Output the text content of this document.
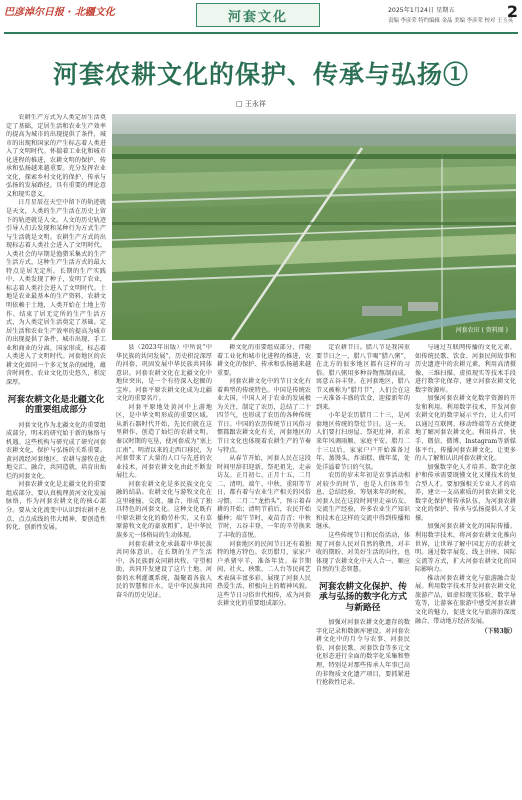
巴彦淖尔日报 · 北疆文化	河套文化	2025年1月24日 星期五	2
责编 李彦荣 特约编辑 金晶 美编 李彦荣 校对 王玉英
河套农耕文化的保护、传承与弘扬①
□ 王永祥
河套农田 ( 资料图 )

农耕生产方式为人类定居生活奠定了基础，定居生活和农业生产效率的提高为城市的出现提供了条件，城市的出现和国家的产生标志着人类进入了文明时代。怀揣着工业化和城市化进程的推进，农耕文明的保护、传承和弘扬越来越重要。充分发挥农业文化，探索乡村文化的保护、传承与弘扬的发展路径，具有重要的理论意义和现实意义。

日月星辰在天空中留下的轨迹就是天文，人类的生产生活在历史上留下的轨迹就是人文。人文的历史轨迹引导人们去发现和某种行为方式生产与生活就是文明。农耕生产方式的出现标志着人类社会进入了文明时代。人类社会的早期是渔猎采集式的生产生活方式，这种生产生活方式的最大特点是居无定所。长期的生产实践中，人类发现了种子，发明了农业，标志着人类社会进入了文明时代。土地是农业最基本的生产资料，农耕文明依赖于土地，人类开始在土地上劳作、结束了居无定所的生产生活方式，为人类定居生活奠定了基础。定居生活和农业生产效率的提高为城市的出现提供了条件，城市出现、手工业和商业的分离，国家形成，标志着人类进入了文明时代。河套地区的农耕文化如同一个多元复杂的园地，蕴含时间性、农业文化历史悠久，积淀深厚。

河套农耕文化是北疆文化的重要组成部分

河套文化作为北疆文化的重要组成部分，明末的研究始于新的脉络与机遇。这些机构与研究成了研究河套农耕文化、保护与弘扬的关系重要。黄河流经河套地区，农耕与游牧在此地交汇、融合，共同造就、培育出灿烂的河套文化。

河套农耕文化是北疆文化的重要组成部分，要认真梳理黄河文化发展脉络，作为河套农耕文化的核心部分。要从文化流变中认识到农耕不息点、点点成线的伟大精神，要创造性转化、创新性发展。

县（2023年出版）中所说“中华民族的共同发展”，历史积淀深厚的河套，巩固发展中华民族共同体意识。河套农耕文化在北疆文化中地位突出，是一个有待深入挖掘的宝库。河套平原农耕文化成为北疆文化的重要名片。

河套平原地处黄河中上游地区，是中华文明形成的重要区域。从新石器时代开始，先民们就在这里耕作，创造了灿烂的农耕文明。秦汉时期的屯垦，使河套成为“塞上江南”。明清以来的走西口移民，为河套带来了大量的人口与先进的农业技术，河套农耕文化由此不断发展壮大。

河套农耕文化是多民族文化交融的结晶。农耕文化与游牧文化在这里碰撞、交流、融合，形成了独具特色的河套文化。这种文化既有中原农耕文化的勤劳朴实，又有草原游牧文化的豪放粗犷，是中华民族多元一体格局的生动体现。

河套农耕文化承载着中华民族共同体意识。在长期的生产生活中，各民族群众同耕共牧、守望相助，共同开发建设了这片土地。河套的水利灌溉系统，凝聚着各族人民的智慧和汗水，是中华民族共同奋斗的历史见证。

耕文化的重要组成部分，伴随着工业化和城市化进程的推进，农耕文化的保护、传承和弘扬越来越重要。

河套农耕文化中的节日文化有着典型的传统特色。中国是传统农业大国，中国人对于农业的发展极为关注，制定了农历，总结了二十四节气，也形成了农历的各种传统节日。中国的农历传统节日风俗习惯都跟农耕文化有关，河套地区的节日文化也体现着农耕生产的节奏与特点。

从春节开始，河套人民在这段时间里辞旧迎新、祭祀祖先、走亲访友。正月初七、正月十五、二月二、清明、端午、中秋、重阳等节日，都有着与农业生产相关的风俗习惯。二月二“龙抬头”，预示着春耕的开始；清明节前后，农民开始播种；端午节时，麦苗青青；中秋节时，五谷丰登，一年的辛劳换来了丰收的喜悦。

河套地区的民间节日还有着独特的地方特色。农历腊月，家家户户杀猪宰羊，准备年货。春节期间，社火、秧歌、二人台等民间艺术表演丰富多彩，展现了河套人民热爱生活、积极向上的精神风貌。这些节日习俗世代相传，成为河套农耕文化的重要组成部分。

定农耕节日。腊八节是我国重要节日之一，腊八节喝“腊八粥”，在北方的很多地区都有这样的习俗。腊八粥用多种谷物熬制而成，寓意五谷丰登。在河套地区，腊八节又被称为“腊月节”，人们会在这一天准备丰盛的饮食，迎接新年的到来。

小年是农历腊月二十三，是河套地区传统的祭灶节日。这一天，人们要打扫房屋、祭祀灶神，祈求来年风调雨顺、家庭平安。腊月二十三以后，家家户户开始准备过年，蒸馒头、炸油糕、做年菜，处处洋溢着节日的气氛。

农历的岁末年初是农事活动相对较少的时节，也是人们休养生息、总结经验、筹划来年的时候。河套人民在这段时间里走亲访友、交流生产经验，许多农业生产知识和技术在这样的交流中得到传播和继承。

这些传统节日和民俗活动，体现了河套人民对自然的敬畏、对丰收的期盼、对美好生活的向往，也体现了农耕文化中天人合一、顺应自然的生态智慧。

河套农耕文化保护、传承与弘扬的数字化方式与新路径

加强对河套农耕文化遗存的数字化记录和数据库建设。对河套农耕文化中的月令与农事、河套民俗、河套民歌、河套饮食等多元文化形态进行全面的数字化采集和整理，特别是对那些传承人年事已高的非物质文化遗产项目，要抓紧进行抢救性记录。

与通过互联网传播的文化元素，如传统民歌、饮食、河套民间故事和历史遗迹中的农耕元素，利用高清摄像、三维扫描、虚拟现实等技术手段进行数字化保存，建立河套农耕文化数字资源库。

加强河套农耕文化数字资源的开发和利用。利用数字技术，开发河套农耕文化的数字展示平台，让人们可以通过互联网、移动终端等方式便捷地了解河套农耕文化。利用抖音、快手、微信、微博、Instagram等新媒体平台，传播河套农耕文化，让更多的人了解和认识河套农耕文化。

加强数字化人才培养。数字化保护和传承需要既懂文化又懂技术的复合型人才。要加强相关专业人才的培养，建立一支高素质的河套农耕文化数字化保护和传承队伍，为河套农耕文化的保护、传承与弘扬提供人才支撑。

加强河套农耕文化的国际传播。利用数字技术，将河套农耕文化推向世界，让世界了解中国北方的农耕文明。通过数字展览、线上讲座、国际交流等方式，扩大河套农耕文化的国际影响力。

推动河套农耕文化与旅游融合发展。利用数字技术开发河套农耕文化旅游产品，如虚拟现实体验、数字导览等，让游客在旅游中感受河套农耕文化的魅力，促进文化与旅游的深度融合，带动地方经济发展。

（下转3版）
